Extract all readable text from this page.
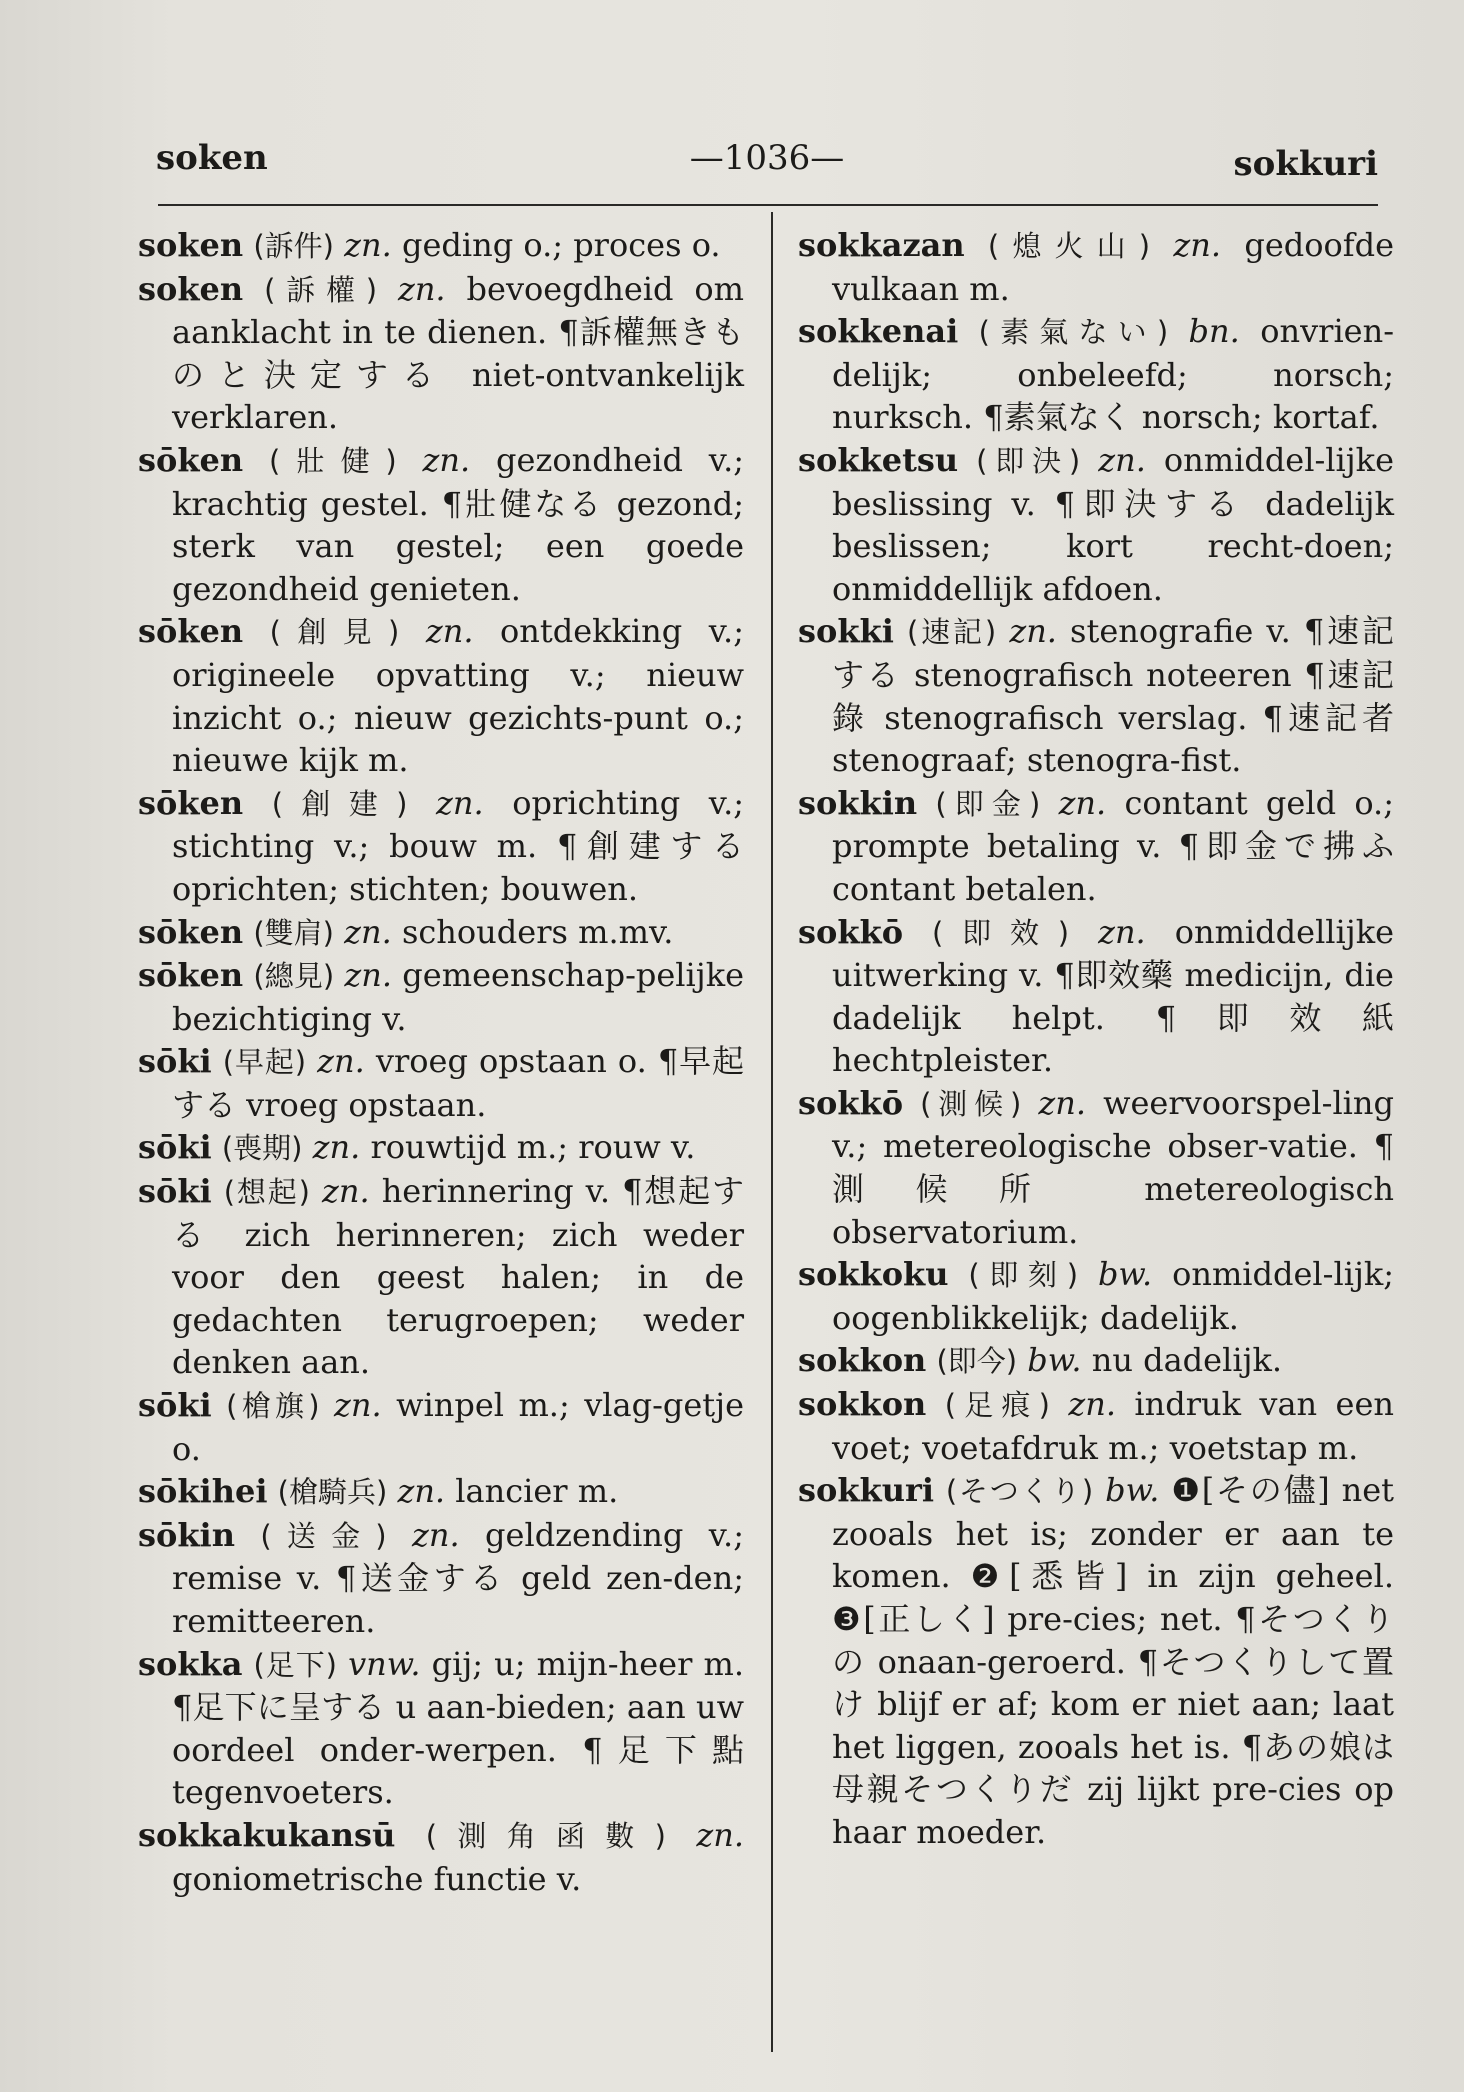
soken	—1036—	sokkuri

soken (訴件) zn. geding o.; proces o.

soken (訴權) zn. bevoegdheid om aanklacht in te dienen. ¶訴權無きものと決定する niet-ontvankelijk verklaren.

sōken (壯健) zn. gezondheid v.; krachtig gestel. ¶壯健なる gezond; sterk van gestel; een goede gezondheid genieten.

sōken (創見) zn. ontdekking v.; origineele opvatting v.; nieuw inzicht o.; nieuw gezichts-punt o.; nieuwe kijk m.

sōken (創建) zn. oprichting v.; stichting v.; bouw m. ¶創建する oprichten; stichten; bouwen.

sōken (雙肩) zn. schouders m.mv.

sōken (總見) zn. gemeenschap-pelijke bezichtiging v.

sōki (早起) zn. vroeg opstaan o. ¶早起する vroeg opstaan.

sōki (喪期) zn. rouwtijd m.; rouw v.

sōki (想起) zn. herinnering v. ¶想起する zich herinneren; zich weder voor den geest halen; in de gedachten terugroepen; weder denken aan.

sōki (槍旗) zn. winpel m.; vlag-getje o.

sōkihei (槍騎兵) zn. lancier m.

sōkin (送金) zn. geldzending v.; remise v. ¶送金する geld zen-den; remitteeren.

sokka (足下) vnw. gij; u; mijn-heer m. ¶足下に呈する u aan-bieden; aan uw oordeel onder-werpen. ¶足下點 tegenvoeters.

sokkakukansū (測角函數) zn. goniometrische functie v.

sokkazan (熄火山) zn. gedoofde vulkaan m.

sokkenai (素氣ない) bn. onvrien-delijk; onbeleefd; norsch; nurksch. ¶素氣なく norsch; kortaf.

sokketsu (即決) zn. onmiddel-lijke beslissing v. ¶即決する dadelijk beslissen; kort recht-doen; onmiddellijk afdoen.

sokki (速記) zn. stenografie v. ¶速記する stenografisch noteeren ¶速記錄 stenografisch verslag. ¶速記者 stenograaf; stenogra-fist.

sokkin (即金) zn. contant geld o.; prompte betaling v. ¶即金で拂ふ contant betalen.

sokkō (即效) zn. onmiddellijke uitwerking v. ¶即效藥 medicijn, die dadelijk helpt. ¶即效紙 hechtpleister.

sokkō (測候) zn. weervoorspel-ling v.; metereologische obser-vatie. ¶測候所 metereologisch observatorium.

sokkoku (即刻) bw. onmiddel-lijk; oogenblikkelijk; dadelijk.

sokkon (即今) bw. nu dadelijk.

sokkon (足痕) zn. indruk van een voet; voetafdruk m.; voetstap m.

sokkuri (そつくり) bw. ❶[その儘] net zooals het is; zonder er aan te komen. ❷[悉皆] in zijn geheel. ❸[正しく] pre-cies; net. ¶そつくりの onaan-geroerd. ¶そつくりして置け blijf er af; kom er niet aan; laat het liggen, zooals het is. ¶あの娘は母親そつくりだ zij lijkt pre-cies op haar moeder.
